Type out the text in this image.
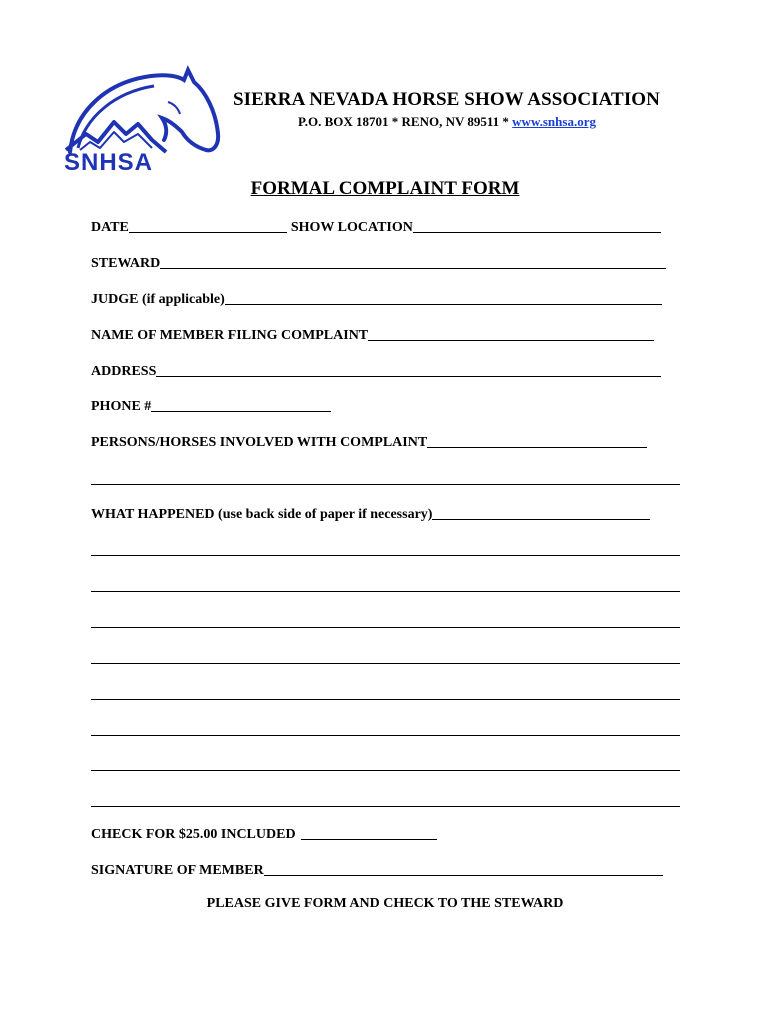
SNHSA
SIERRA NEVADA HORSE SHOW ASSOCIATION
P.O. BOX 18701 * RENO, NV 89511 * www.snhsa.org
FORMAL COMPLAINT FORM
DATE	SHOW LOCATION
STEWARD
JUDGE (if applicable)
NAME OF MEMBER FILING COMPLAINT
ADDRESS
PHONE #
PERSONS/HORSES INVOLVED WITH COMPLAINT
WHAT HAPPENED (use back side of paper if necessary)
CHECK FOR $25.00 INCLUDED
SIGNATURE OF MEMBER
PLEASE GIVE FORM AND CHECK TO THE STEWARD
